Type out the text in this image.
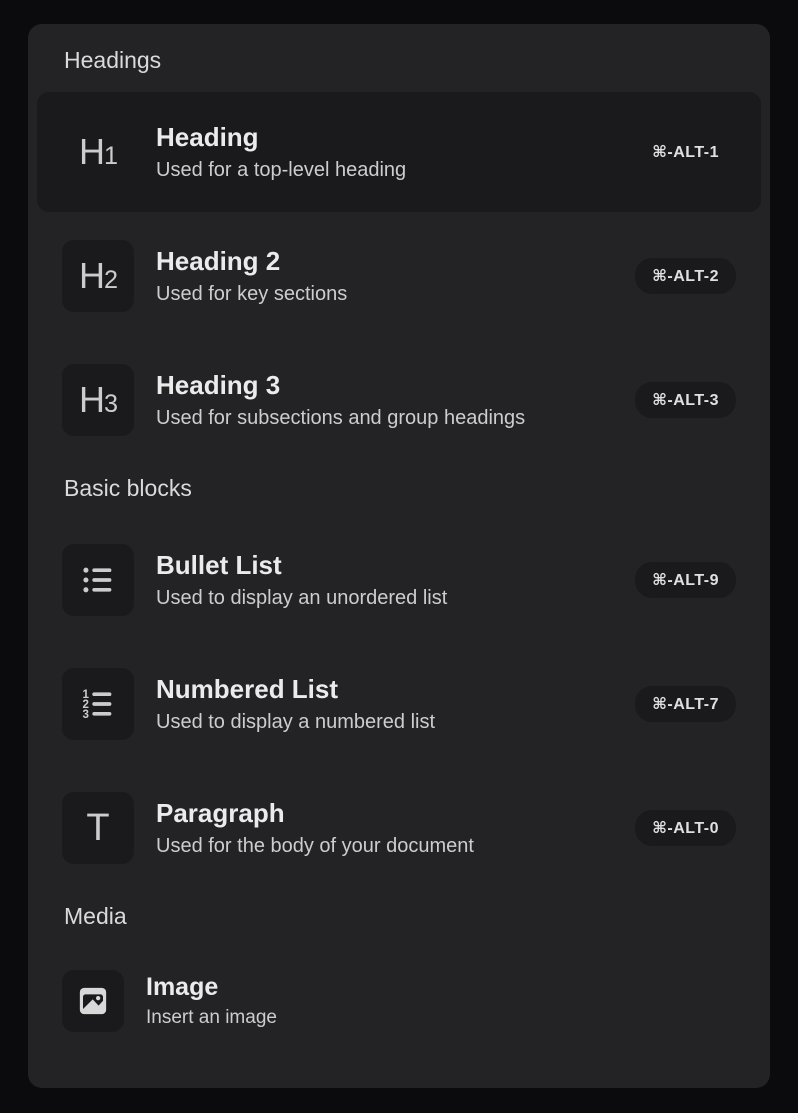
Headings
H1
Heading
Used for a top-level heading
⌘-ALT-1
H2
Heading 2
Used for key sections
⌘-ALT-2
H3
Heading 3
Used for subsections and group headings
⌘-ALT-3
Basic blocks
Bullet List
Used to display an unordered list
⌘-ALT-9
1
2
3
Numbered List
Used to display a numbered list
⌘-ALT-7
T Paragraph
Used for the body of your document
⌘-ALT-0
Media
Image
Insert an image
